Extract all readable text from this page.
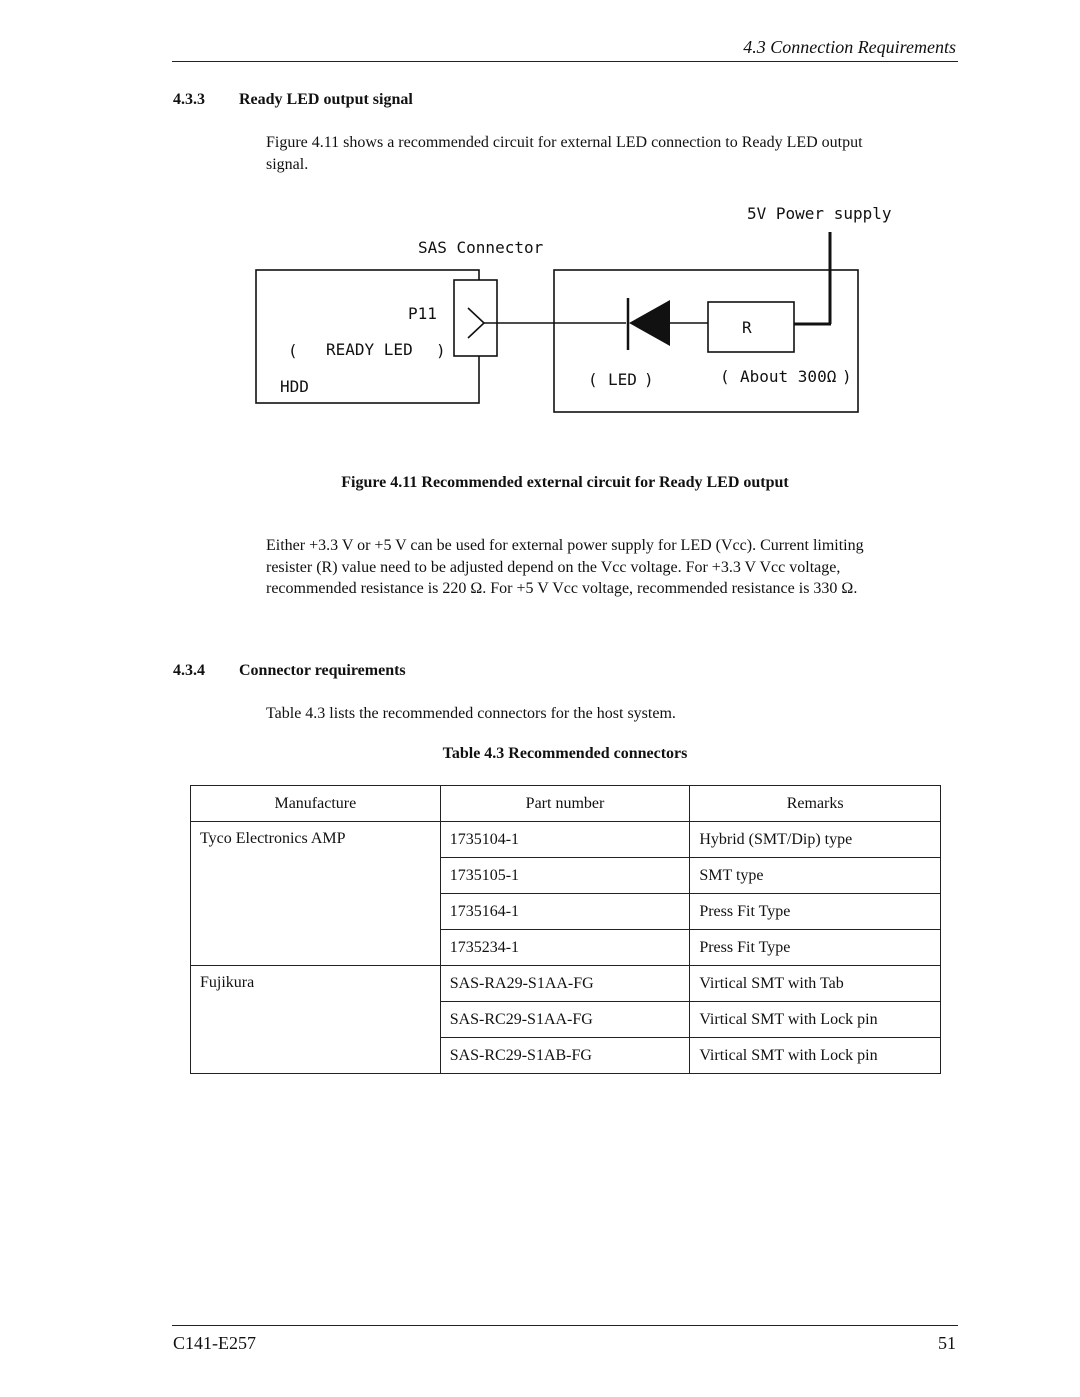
4.3 Connection Requirements
4.3.3 Ready LED output signal
Figure 4.11 shows a recommended circuit for external LED connection to Ready LED output
signal.
5V Power supply
SAS Connector
P11
( READY LED )
HDD
R
( LED )	( About 300Ω )
Figure 4.11 Recommended external circuit for Ready LED output
Either +3.3 V or +5 V can be used for external power supply for LED (Vcc). Current limiting
resister (R) value need to be adjusted depend on the Vcc voltage. For +3.3 V Vcc voltage,
recommended resistance is 220 Ω. For +5 V Vcc voltage, recommended resistance is 330 Ω.
4.3.4 Connector requirements
Table 4.3 lists the recommended connectors for the host system.
Table 4.3 Recommended connectors
Manufacture	Part number	Remarks
Tyco Electronics AMP	1735104-1	Hybrid (SMT/Dip) type
	1735105-1	SMT type
	1735164-1	Press Fit Type
	1735234-1	Press Fit Type
Fujikura	SAS-RA29-S1AA-FG	Virtical SMT with Tab
	SAS-RC29-S1AA-FG	Virtical SMT with Lock pin
	SAS-RC29-S1AB-FG	Virtical SMT with Lock pin
C141-E257	51
